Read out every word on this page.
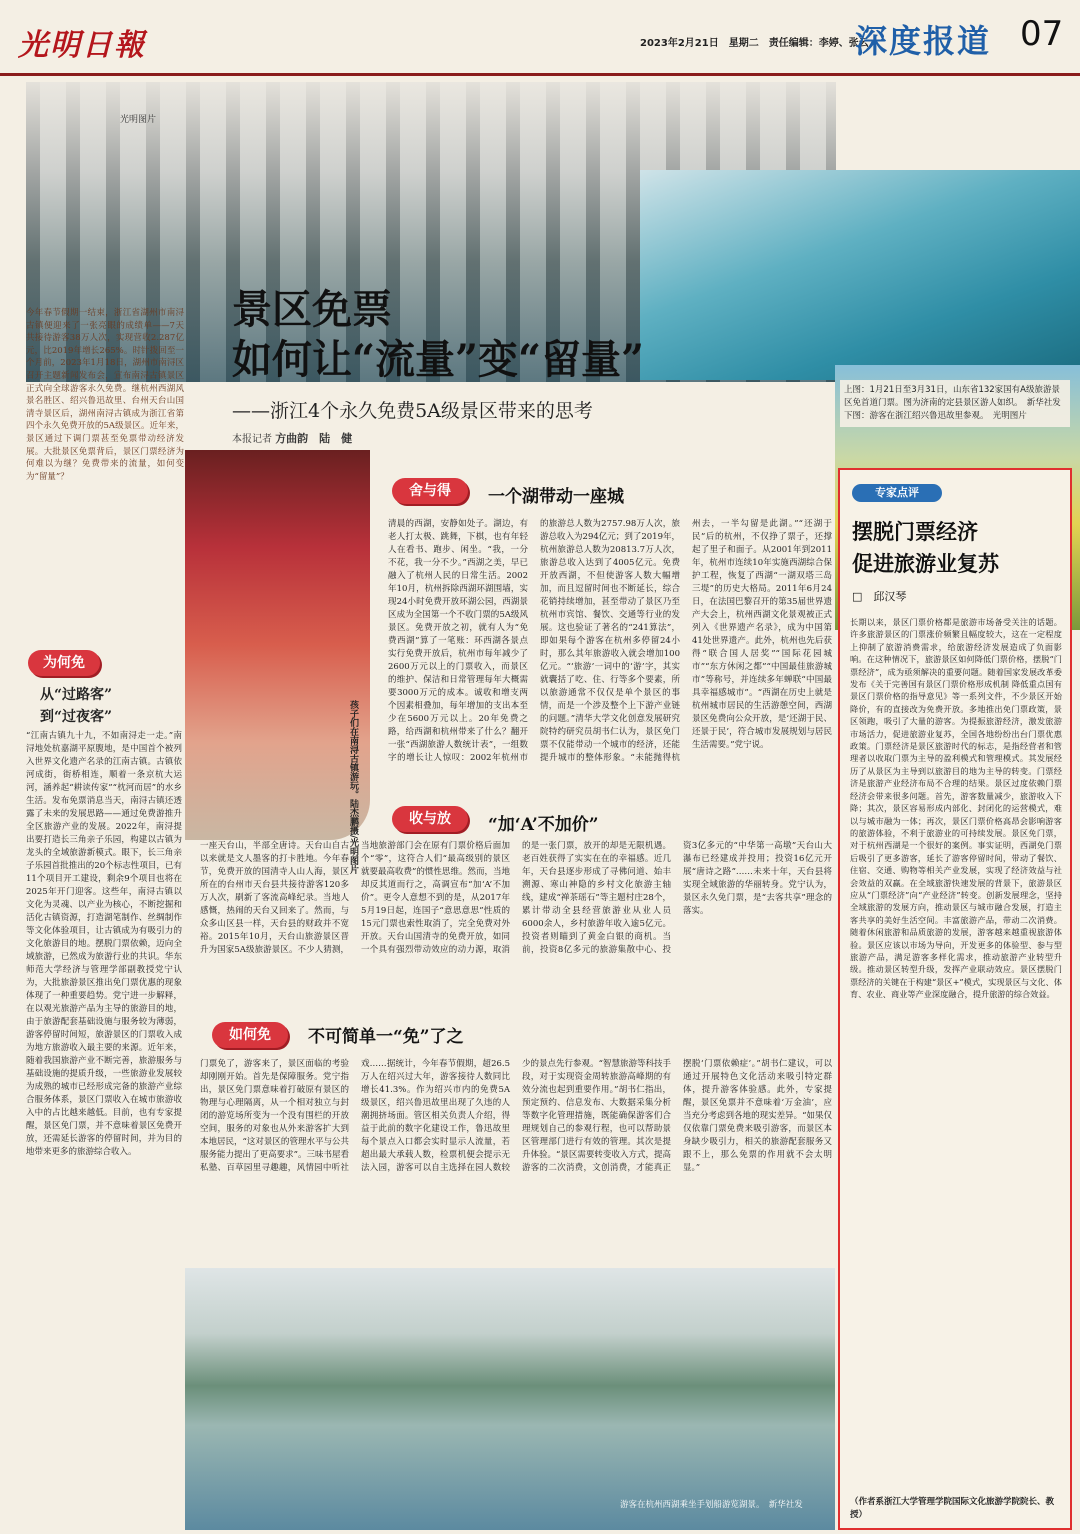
光明日報	2023年2月21日　星期二　责任编辑：李婷、张云
深度报道 07
光明图片
上图：1月21日至3月31日，山东省132家国有A级旅游景区免首道门票。图为济南的定县景区游人如织。　新华社发　下图：游客在浙江绍兴鲁迅故里参观。　光明图片
景区免票
如何让“流量”变“留量”
——浙江4个永久免费5A级景区带来的思考
本报记者 方曲韵　陆　健
今年春节假期一结束，浙江省湖州市南浔古镇便迎来了一张亮眼的成绩单——7天共接待游客38万人次，实现营收2.287亿元，比2019年增长265%。时针拨回至一个月前，2023年1月18日，湖州市南浔区召开主题新闻发布会，宣布南浔古镇景区正式向全球游客永久免费。继杭州西湖风景名胜区、绍兴鲁迅故里、台州天台山国清寺景区后，湖州南浔古镇成为浙江省第四个永久免费开放的5A级景区。近年来，景区通过下调门票甚至免票带动经济发展。大批景区免票背后，景区门票经济为何难以为继？免费带来的流量，如何变为“留量”？
为何免
从“过路客”
到“过夜客”
“江南古镇九十九，不如南浔走一走。”南浔地处杭嘉湖平原腹地，是中国首个被列入世界文化遗产名录的江南古镇。古镇依河成街，街桥相连，顺着一条京杭大运河，涵养起“耕读传家”“枕河而居”的水乡生活。发布免票消息当天，南浔古镇还透露了未来的发展思路——通过免费游推升全区旅游产业的发展。2022年，南浔提出要打造长三角亲子乐园，构建以古镇为龙头的全域旅游新模式。眼下，长三角亲子乐园首批推出的20个标志性项目，已有11个项目开工建设，剩余9个项目也将在2025年开门迎客。这些年，南浔古镇以文化为灵魂、以产业为核心，不断挖掘和活化古镇资源，打造湖笔制作、丝绸制作等文化体验项目，让古镇成为有吸引力的文化旅游目的地。摆脱门票依赖，迈向全域旅游，已然成为旅游行业的共识。华东师范大学经济与管理学部副教授党宁认为，大批旅游景区推出免门票优惠的现象体现了一种重要趋势。党宁进一步解释，在以观光旅游产品为主导的旅游目的地，由于旅游配套基础设施与服务较为薄弱，游客停留时间短，旅游景区的门票收入成为地方旅游收入最主要的来源。近年来，随着我国旅游产业不断完善，旅游服务与基础设施的提质升级，一些旅游业发展较为成熟的城市已经形成完备的旅游产业综合服务体系，景区门票收入在城市旅游收入中的占比越来越低。目前，也有专家提醒，景区免门票，并不意味着景区免费开放，还需延长游客的停留时间，并为目的地带来更多的旅游综合收入。
孩子们在南浔古镇游玩。陆杰鹏摄/光明图片
舍与得	一个湖带动一座城
清晨的西湖，安静如处子。湖边，有老人打太极、跳舞，下棋，也有年轻人在看书、跑步、闲坐。“我，一分不花，我一分不少。”西湖之美，早已融入了杭州人民的日常生活。2002年10月，杭州拆除西湖环湖围墙，实现24小时免费开放环湖公园，西湖景区成为全国第一个不收门票的5A级风景区。免费开放之初，就有人为“免费西湖”算了一笔账：环西湖各景点实行免费开放后，杭州市每年减少了2600万元以上的门票收入，而景区的维护、保洁和日常管理每年大概需要3000万元的成本。诚收和增支两个因素相叠加，每年增加的支出本至少在5600万元以上。20年免费之路，给西湖和杭州带来了什么？翻开一张“西湖旅游人数统计表”，一组数字的增长让人惊叹：2002年杭州市的旅游总人数为2757.98万人次，旅游总收入为294亿元；到了2019年，杭州旅游总人数为20813.7万人次，旅游总收入达到了4005亿元。免费开放西湖，不但使游客人数大幅增加，而且逗留时间也不断延长，综合花销持续增加，甚至带动了景区乃至杭州市宾馆、餐饮、交通等行业的发展。这也验证了著名的“241算法”，即如果每个游客在杭州多停留24小时，那么其年旅游收入就会增加100亿元。“‘旅游’一词中的‘游’字，其实就囊括了吃、住、行等多个要素，所以旅游通常不仅仅是单个景区的事情，而是一个涉及整个上下游产业链的问题。”清华大学文化创意发展研究院特约研究员胡书仁认为，景区免门票不仅能带动一个城市的经济，还能提升城市的整体形象。“未能抛得杭州去，一半勾留是此湖。”“还湖于民”后的杭州，不仅挣了票子，还撑起了里子和面子。从2001年到2011年，杭州市连续10年实施西湖综合保护工程，恢复了西湖“一湖双塔三岛三堤”的历史大格局。2011年6月24日，在法国巴黎召开的第35届世界遗产大会上，杭州西湖文化景观被正式列入《世界遗产名录》，成为中国第41处世界遗产。此外，杭州也先后获得“联合国人居奖”“国际花园城市”“东方休闲之都”“中国最佳旅游城市”等称号，并连续多年蝉联“中国最具幸福感城市”。“西湖在历史上就是杭州城市居民的生活游憩空间，西湖景区免费向公众开放，是‘还湖于民、还景于民’，符合城市发展规划与居民生活需要。”党宁说。
收与放	“加‘A’不加价”
一座天台山，半部全唐诗。天台山自古以来就是文人墨客的打卡胜地。今年春节，免费开放的国清寺人山人海，景区所在的台州市天台县共接待游客120多万人次，刷新了客流高峰纪录。当地人感慨，热闹的天台又回来了。然而，与众多山区县一样，天台县的财政并不宽裕。2015年10月，天台山旅游景区晋升为国家5A级旅游景区。不少人猜测，当地旅游部门会在原有门票价格后面加个“零”，这符合人们“最高级别的景区就要最高收费”的惯性思维。然而，当地却反其道而行之，高调宣布“加‘A’不加价”。更令人意想不到的是，从2017年5月19日起，连国子“意思意思”性质的15元门票也索性取消了，完全免费对外开放。天台山国清寺的免费开放，如同一个具有强烈带动效应的动力源，取消的是一张门票，放开的却是无限机遇。老百姓获得了实实在在的幸福感。近几年，天台县逐步形成了寻佛问道、始丰溯源、寒山神隐的乡村文化旅游主轴线，建成“禅茶瑶石”等主题村庄28个，累计带动全县经营旅游业从业人员6000余人，乡村旅游年收入逾5亿元。投资者则瞄到了黄金白银的商机。当前，投资8亿多元的旅游集散中心、投资3亿多元的“中华第一高墩”天台山大瀑布已经建成并投用；投资16亿元开展“唐诗之路”……未来十年，天台县将实现全域旅游的华丽转身。党宁认为，景区永久免门票，是“去客共享”理念的落实。
如何免	不可简单一“免”了之
门票免了，游客来了，景区面临的考验却刚刚开始。首先是保障服务。党宁指出，景区免门票意味着打破原有景区的物理与心理隔离，从一个相对独立与封闭的游览场所变为一个没有围栏的开放空间，服务的对象也从外来游客扩大到本地居民，“这对景区的管理水平与公共服务能力提出了更高要求”。三味书屋看私塾、百草园里寻趣趣，风情园中听社戏……据统计，今年春节假期，超26.5万人在绍兴过大年，游客接待人数同比增长41.3%。作为绍兴市内的免费5A级景区，绍兴鲁迅故里出现了久违的人潮拥挤场面。管区相关负责人介绍，得益于此前的数字化建设工作，鲁迅故里每个景点入口都会实时显示人流量，若超出最大承载人数，检票机便会提示无法入园，游客可以自主选择在园人数较少的景点先行参观。“智慧旅游等科技手段，对于实现资金周转旅游高峰期的有效分流也起到重要作用。”胡书仁指出，预定预约、信息发布、大数据采集分析等数字化管理措施，既能确保游客们合理规划自己的参观行程，也可以帮助景区管理部门进行有效的管理。其次是提升体验。“景区需要转变收入方式，提高游客的二次消费，文创消费，才能真正摆脱‘门票依赖症’。”胡书仁建议，可以通过开展特色文化活动来吸引特定群体，提升游客体验感。此外，专家提醒，景区免票并不意味着‘万金油’，应当充分考虑到各地的现实差异。“如果仅仅依靠门票免费来吸引游客，而景区本身缺少吸引力，相关的旅游配套服务又跟不上，那么免票的作用就不会太明显。”
游客在杭州西湖乘坐手划船游览湖景。　新华社发
专家点评
摆脱门票经济
促进旅游业复苏
□　邱汉琴
长期以来，景区门票价格都是旅游市场备受关注的话题。许多旅游景区的门票涨价频繁且幅度较大，这在一定程度上抑制了旅游消费需求，给旅游经济发展造成了负面影响。在这种情况下，旅游景区如何降低门票价格，摆脱“门票经济”，成为亟须解决的重要问题。随着国家发展改革委发布《关于完善国有景区门票价格形成机制 降低重点国有景区门票价格的指导意见》等一系列文件，不少景区开始降价，有的直接改为免费开放。多地推出免门票政策，景区领跑，吸引了大量的游客。为提振旅游经济，激发旅游市场活力，促进旅游业复苏，全国各地纷纷出台门票优惠政策。门票经济是景区旅游时代的标志，是指经营者和管理者以收取门票为主导的盈利模式和管理模式。其发展经历了从景区为主导到以旅游目的地为主导的转变。门票经济是旅游产业经济布局不合理的结果。景区过度依赖门票经济会带来很多问题。首先，游客数量减少，旅游收入下降；其次，景区容易形成内部化、封闭化的运营模式，难以与城市融为一体；再次，景区门票价格高昂会影响游客的旅游体验，不利于旅游业的可持续发展。景区免门票，对于杭州西湖是一个很好的案例。事实证明，西湖免门票后吸引了更多游客，延长了游客停留时间，带动了餐饮、住宿、交通、购物等相关产业发展，实现了经济效益与社会效益的双赢。在全域旅游快速发展的背景下，旅游景区应从“门票经济”向“产业经济”转变。创新发展理念，坚持全域旅游的发展方向，推动景区与城市融合发展，打造主客共享的美好生活空间。丰富旅游产品，带动二次消费。随着休闲旅游和品质旅游的发展，游客越来越重视旅游体验。景区应该以市场为导向，开发更多的体验型、参与型旅游产品，满足游客多样化需求，推动旅游产业转型升级。推动景区转型升级，发挥产业联动效应。景区摆脱门票经济的关键在于构建“景区+”模式，实现景区与文化、体育、农业、商业等产业深度融合，提升旅游的综合效益。
（作者系浙江大学管理学院国际文化旅游学院院长、教授）
